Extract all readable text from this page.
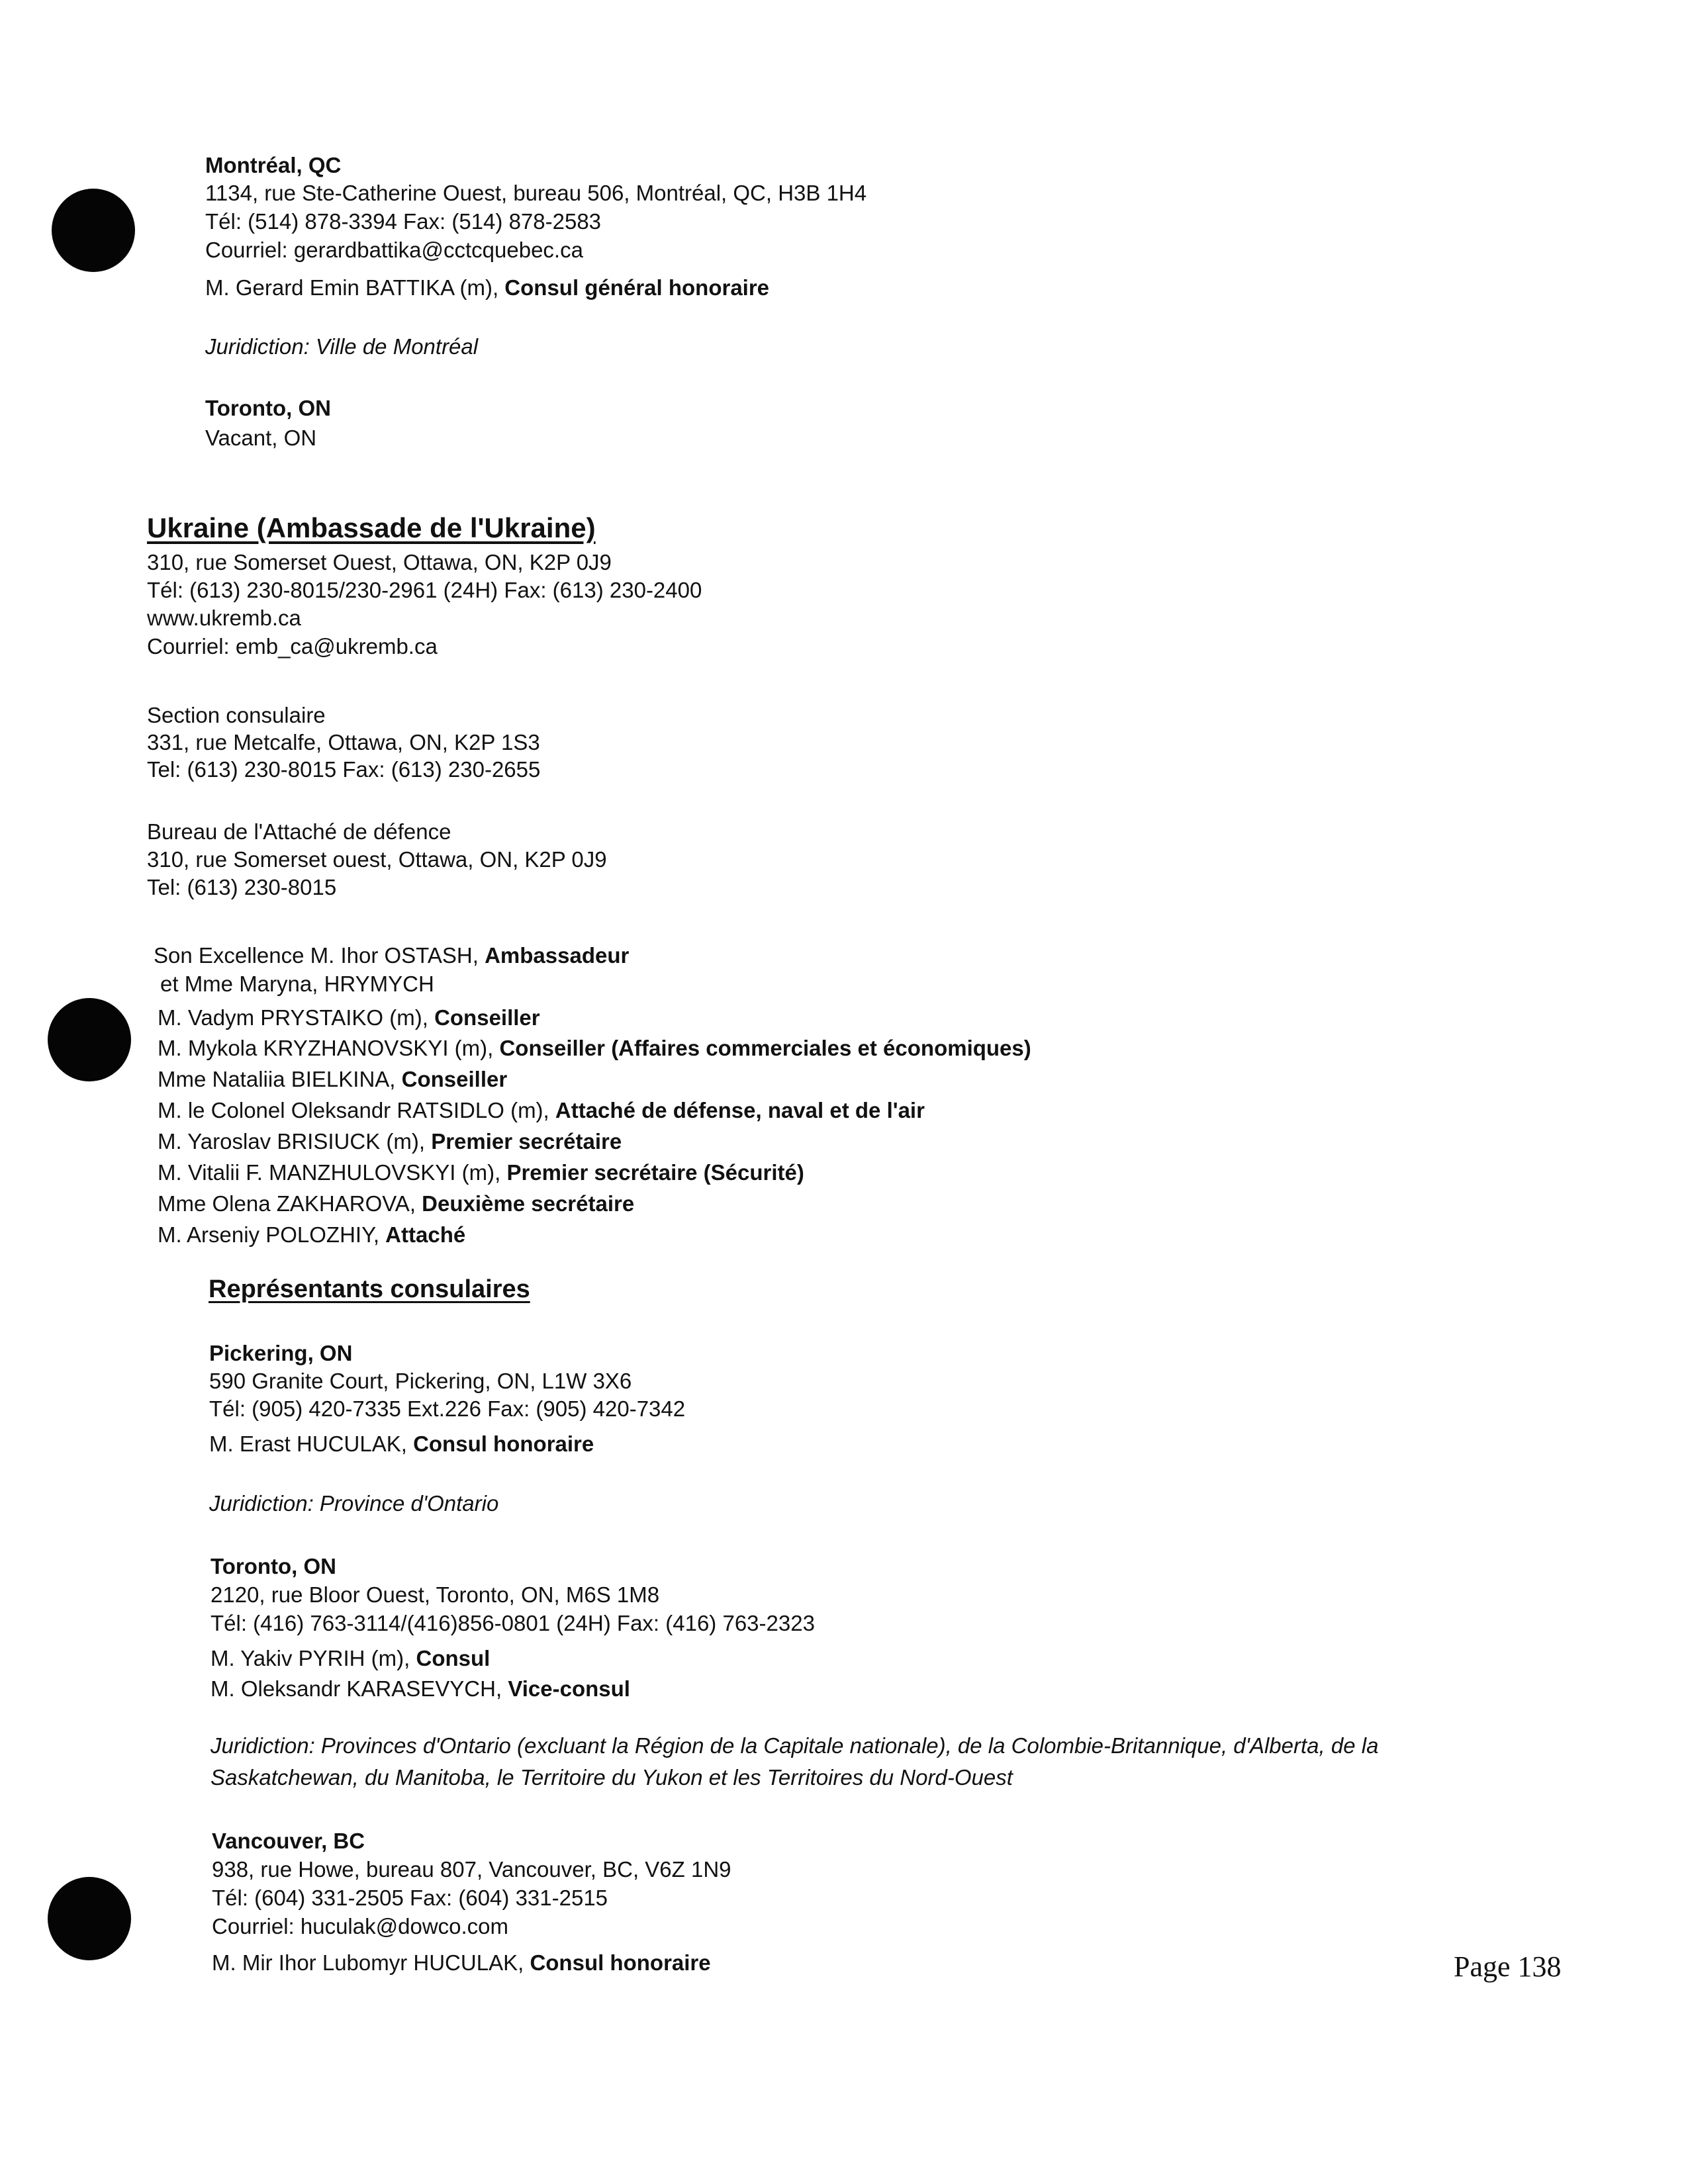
Montréal, QC
1134, rue Ste-Catherine Ouest, bureau 506, Montréal, QC, H3B 1H4
Tél: (514) 878-3394 Fax: (514) 878-2583
Courriel: gerardbattika@cctcquebec.ca
M. Gerard Emin BATTIKA (m), Consul général honoraire
Juridiction: Ville de Montréal
Toronto, ON
Vacant, ON
Ukraine (Ambassade de l'Ukraine)
310, rue Somerset Ouest, Ottawa, ON, K2P 0J9
Tél: (613) 230-8015/230-2961 (24H) Fax: (613) 230-2400
www.ukremb.ca
Courriel: emb_ca@ukremb.ca
Section consulaire
331, rue Metcalfe, Ottawa, ON, K2P 1S3
Tel: (613) 230-8015 Fax: (613) 230-2655
Bureau de l'Attaché de défence
310, rue Somerset ouest, Ottawa, ON, K2P 0J9
Tel: (613) 230-8015
Son Excellence M. Ihor OSTASH, Ambassadeur
et Mme Maryna, HRYMYCH
M. Vadym PRYSTAIKO (m), Conseiller
M. Mykola KRYZHANOVSKYI (m), Conseiller (Affaires commerciales et économiques)
Mme Nataliia BIELKINA, Conseiller
M. le Colonel Oleksandr RATSIDLO (m), Attaché de défense, naval et de l'air
M. Yaroslav BRISIUCK (m), Premier secrétaire
M. Vitalii F. MANZHULOVSKYI (m), Premier secrétaire (Sécurité)
Mme Olena ZAKHAROVA, Deuxième secrétaire
M. Arseniy POLOZHIY, Attaché
Représentants consulaires
Pickering, ON
590 Granite Court, Pickering, ON, L1W 3X6
Tél: (905) 420-7335 Ext.226 Fax: (905) 420-7342
M. Erast HUCULAK, Consul honoraire
Juridiction: Province d'Ontario
Toronto, ON
2120, rue Bloor Ouest, Toronto, ON, M6S 1M8
Tél: (416) 763-3114/(416)856-0801 (24H) Fax: (416) 763-2323
M. Yakiv PYRIH (m), Consul
M. Oleksandr KARASEVYCH, Vice-consul
Juridiction: Provinces d'Ontario (excluant la Région de la Capitale nationale), de la Colombie-Britannique, d'Alberta, de la Saskatchewan, du Manitoba, le Territoire du Yukon et les Territoires du Nord-Ouest
Vancouver, BC
938, rue Howe, bureau 807, Vancouver, BC, V6Z 1N9
Tél: (604) 331-2505 Fax: (604) 331-2515
Courriel: huculak@dowco.com
M. Mir Ihor Lubomyr HUCULAK, Consul honoraire	Page 138
